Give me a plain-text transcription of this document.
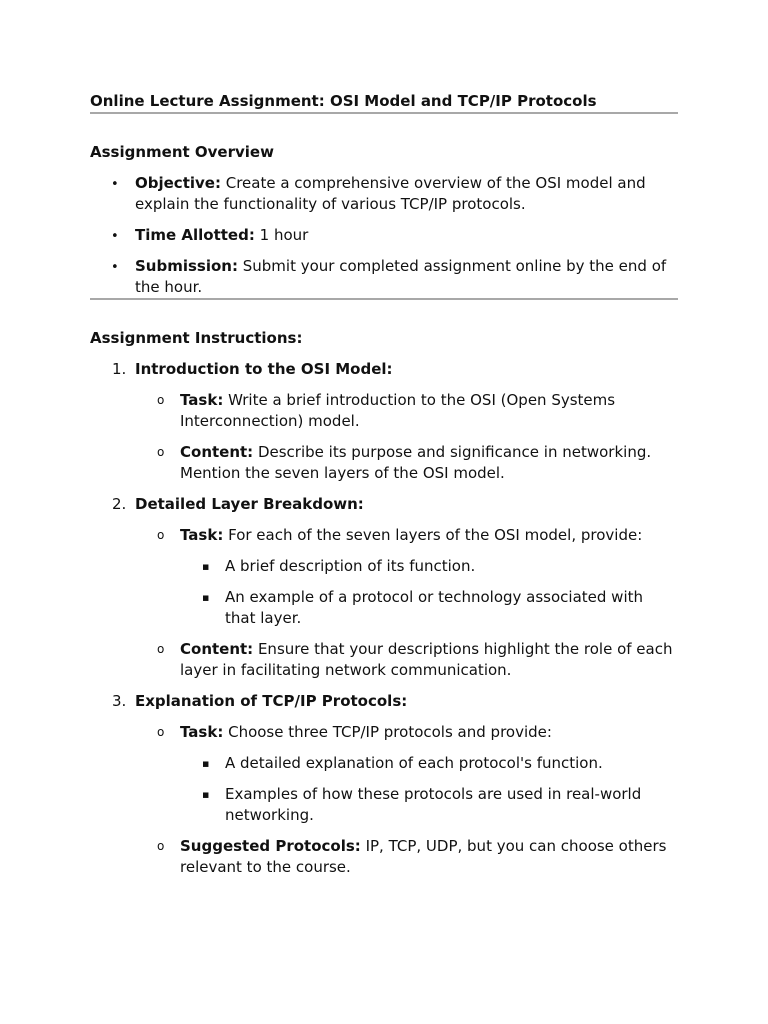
Online Lecture Assignment: OSI Model and TCP/IP Protocols

Assignment Overview

•
Objective: Create a comprehensive overview of the OSI model and explain the functionality of various TCP/IP protocols.
•
Time Allotted: 1 hour
•
Submission: Submit your completed assignment online by the end of the hour.

Assignment Instructions:

1. Introduction to the OSI Model:
o Task: Write a brief introduction to the OSI (Open Systems Interconnection) model.
o Content: Describe its purpose and significance in networking. Mention the seven layers of the OSI model.
2. Detailed Layer Breakdown:
o Task: For each of the seven layers of the OSI model, provide:
▪ A brief description of its function.
▪ An example of a protocol or technology associated with that layer.
o Content: Ensure that your descriptions highlight the role of each layer in facilitating network communication.
3. Explanation of TCP/IP Protocols:
o Task: Choose three TCP/IP protocols and provide:
▪ A detailed explanation of each protocol's function.
▪ Examples of how these protocols are used in real-world networking.
o Suggested Protocols: IP, TCP, UDP, but you can choose others relevant to the course.
